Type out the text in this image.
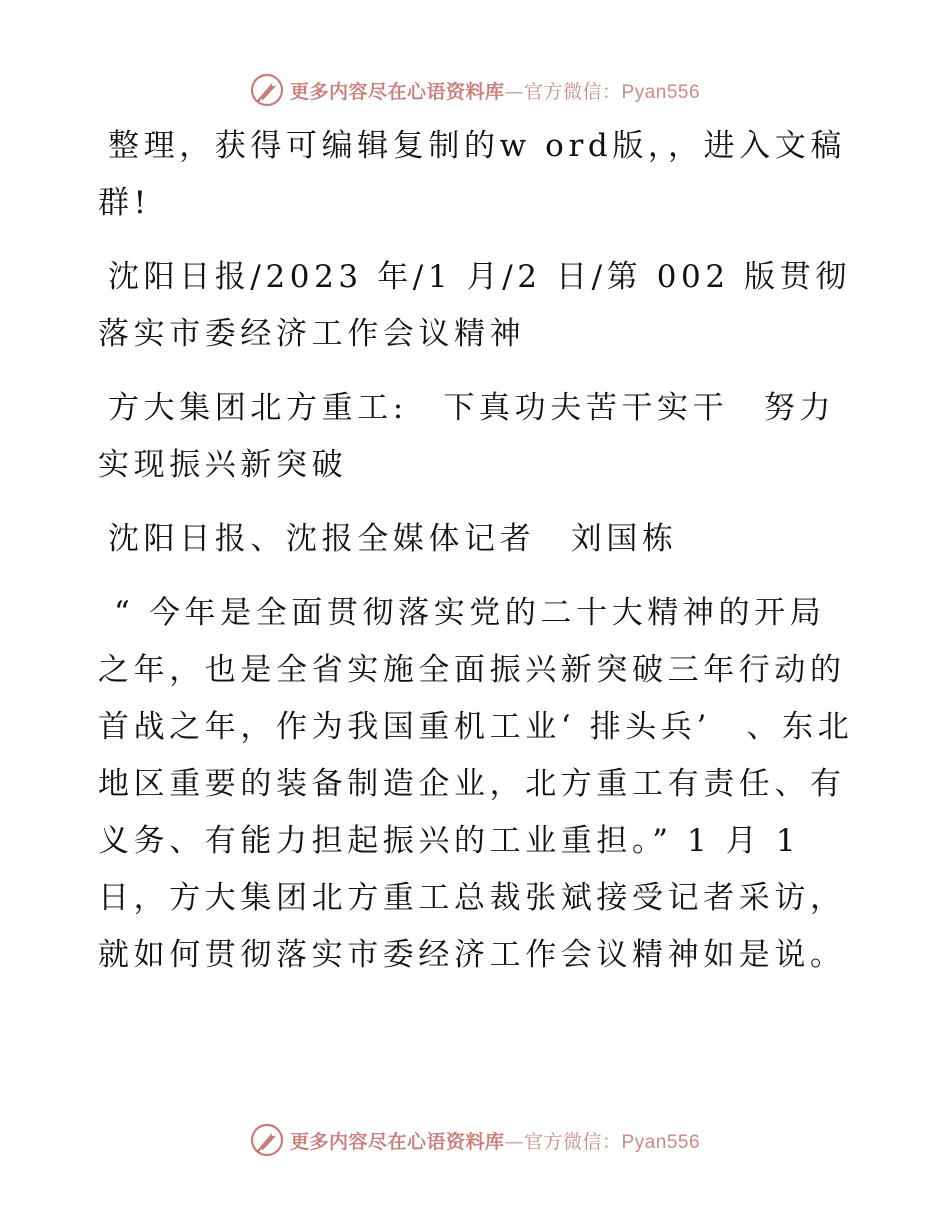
更多内容尽在心语资料库—官方微信：Pyan556

整理，获得可编辑复制的w ord版，，进入文稿群!

沈阳日报/2023 年/1 月/2 日/第 002 版贯彻落实市委经济工作会议精神

方大集团北方重工:　下真功夫苦干实干　努力实现振兴新突破

沈阳日报、沈报全媒体记者　刘国栋

“ 今年是全面贯彻落实党的二十大精神的开局之年，也是全省实施全面振兴新突破三年行动的首战之年，作为我国重机工业‘ 排头兵’　、东北地区重要的装备制造企业，北方重工有责任、有义务、有能力担起振兴的工业重担。” 1 月 1 日，方大集团北方重工总裁张斌接受记者采访，就如何贯彻落实市委经济工作会议精神如是说。

更多内容尽在心语资料库—官方微信：Pyan556
